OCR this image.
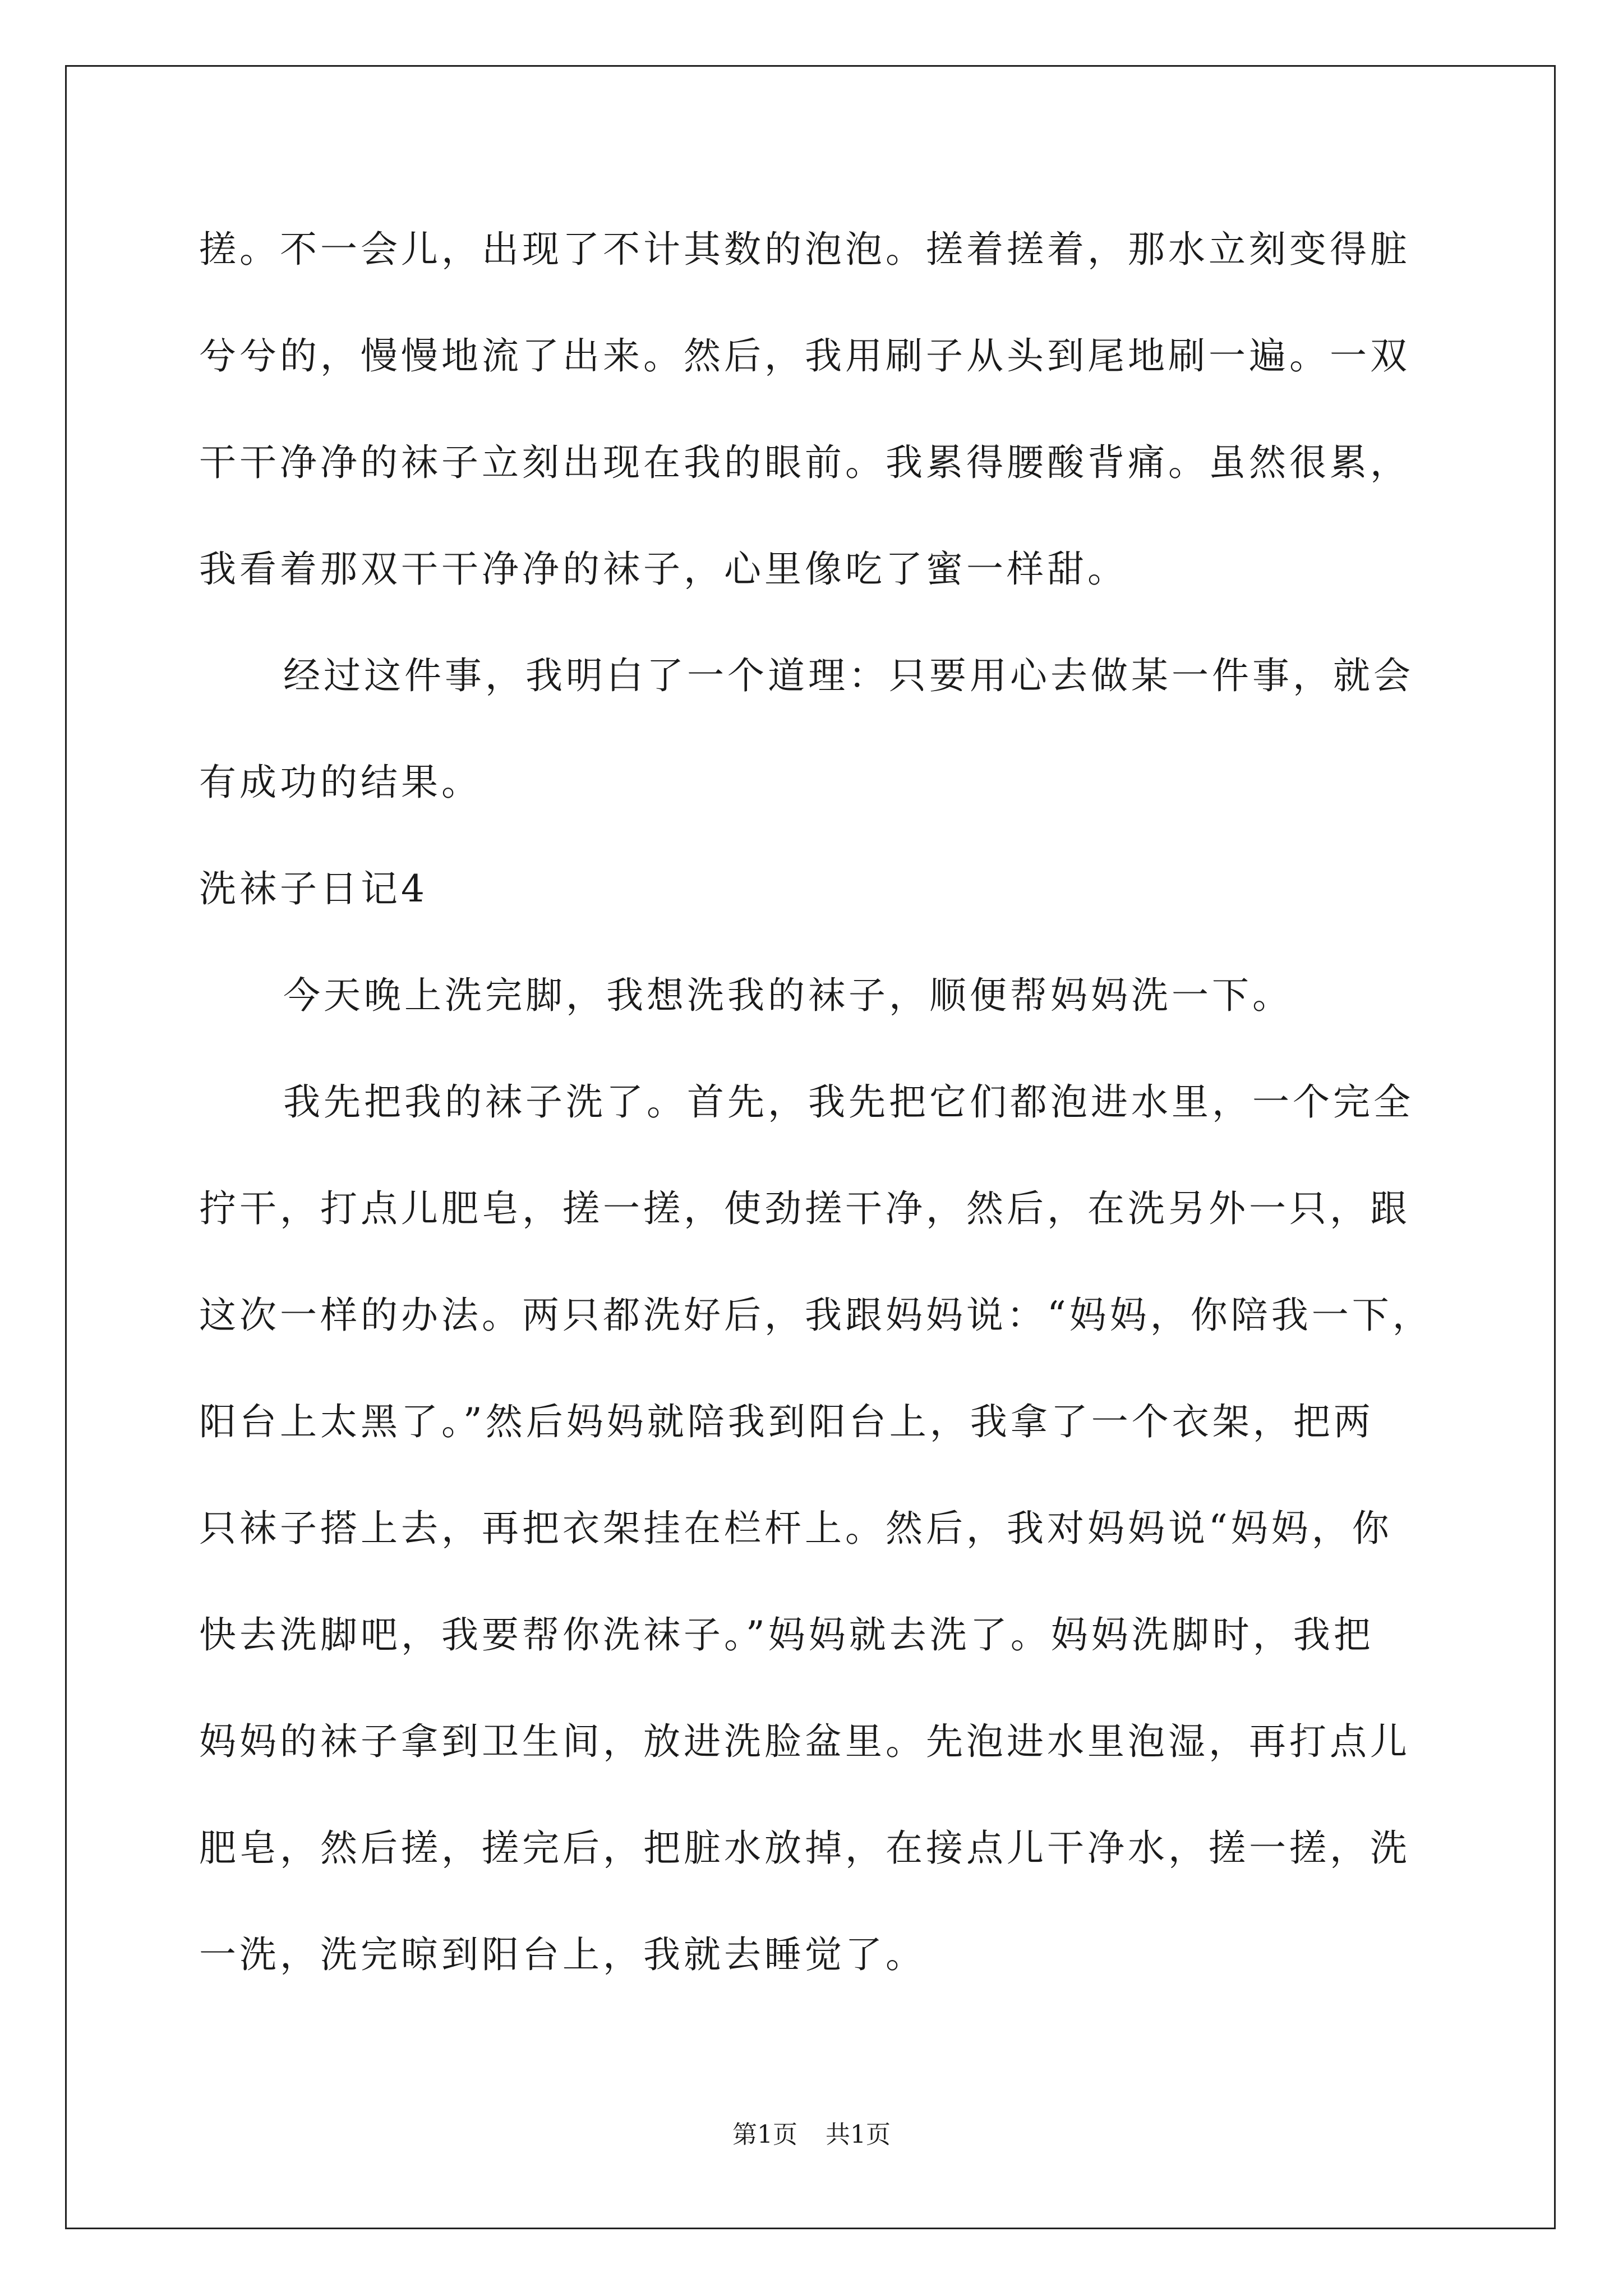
搓。不一会儿，出现了不计其数的泡泡。搓着搓着，那水立刻变得脏
兮兮的，慢慢地流了出来。然后，我用刷子从头到尾地刷一遍。一双
干干净净的袜子立刻出现在我的眼前。我累得腰酸背痛。虽然很累，
我看着那双干干净净的袜子，心里像吃了蜜一样甜。
经过这件事，我明白了一个道理：只要用心去做某一件事，就会
有成功的结果。
洗袜子日记4
今天晚上洗完脚，我想洗我的袜子，顺便帮妈妈洗一下。
我先把我的袜子洗了。首先，我先把它们都泡进水里，一个完全
拧干，打点儿肥皂，搓一搓，使劲搓干净，然后，在洗另外一只，跟
这次一样的办法。两只都洗好后，我跟妈妈说：“妈妈，你陪我一下，
阳台上太黑了。”然后妈妈就陪我到阳台上，我拿了一个衣架，把两
只袜子搭上去，再把衣架挂在栏杆上。然后，我对妈妈说“妈妈，你
快去洗脚吧，我要帮你洗袜子。”妈妈就去洗了。妈妈洗脚时，我把
妈妈的袜子拿到卫生间，放进洗脸盆里。先泡进水里泡湿，再打点儿
肥皂，然后搓，搓完后，把脏水放掉，在接点儿干净水，搓一搓，洗
一洗，洗完晾到阳台上，我就去睡觉了。
第1页 共1页
